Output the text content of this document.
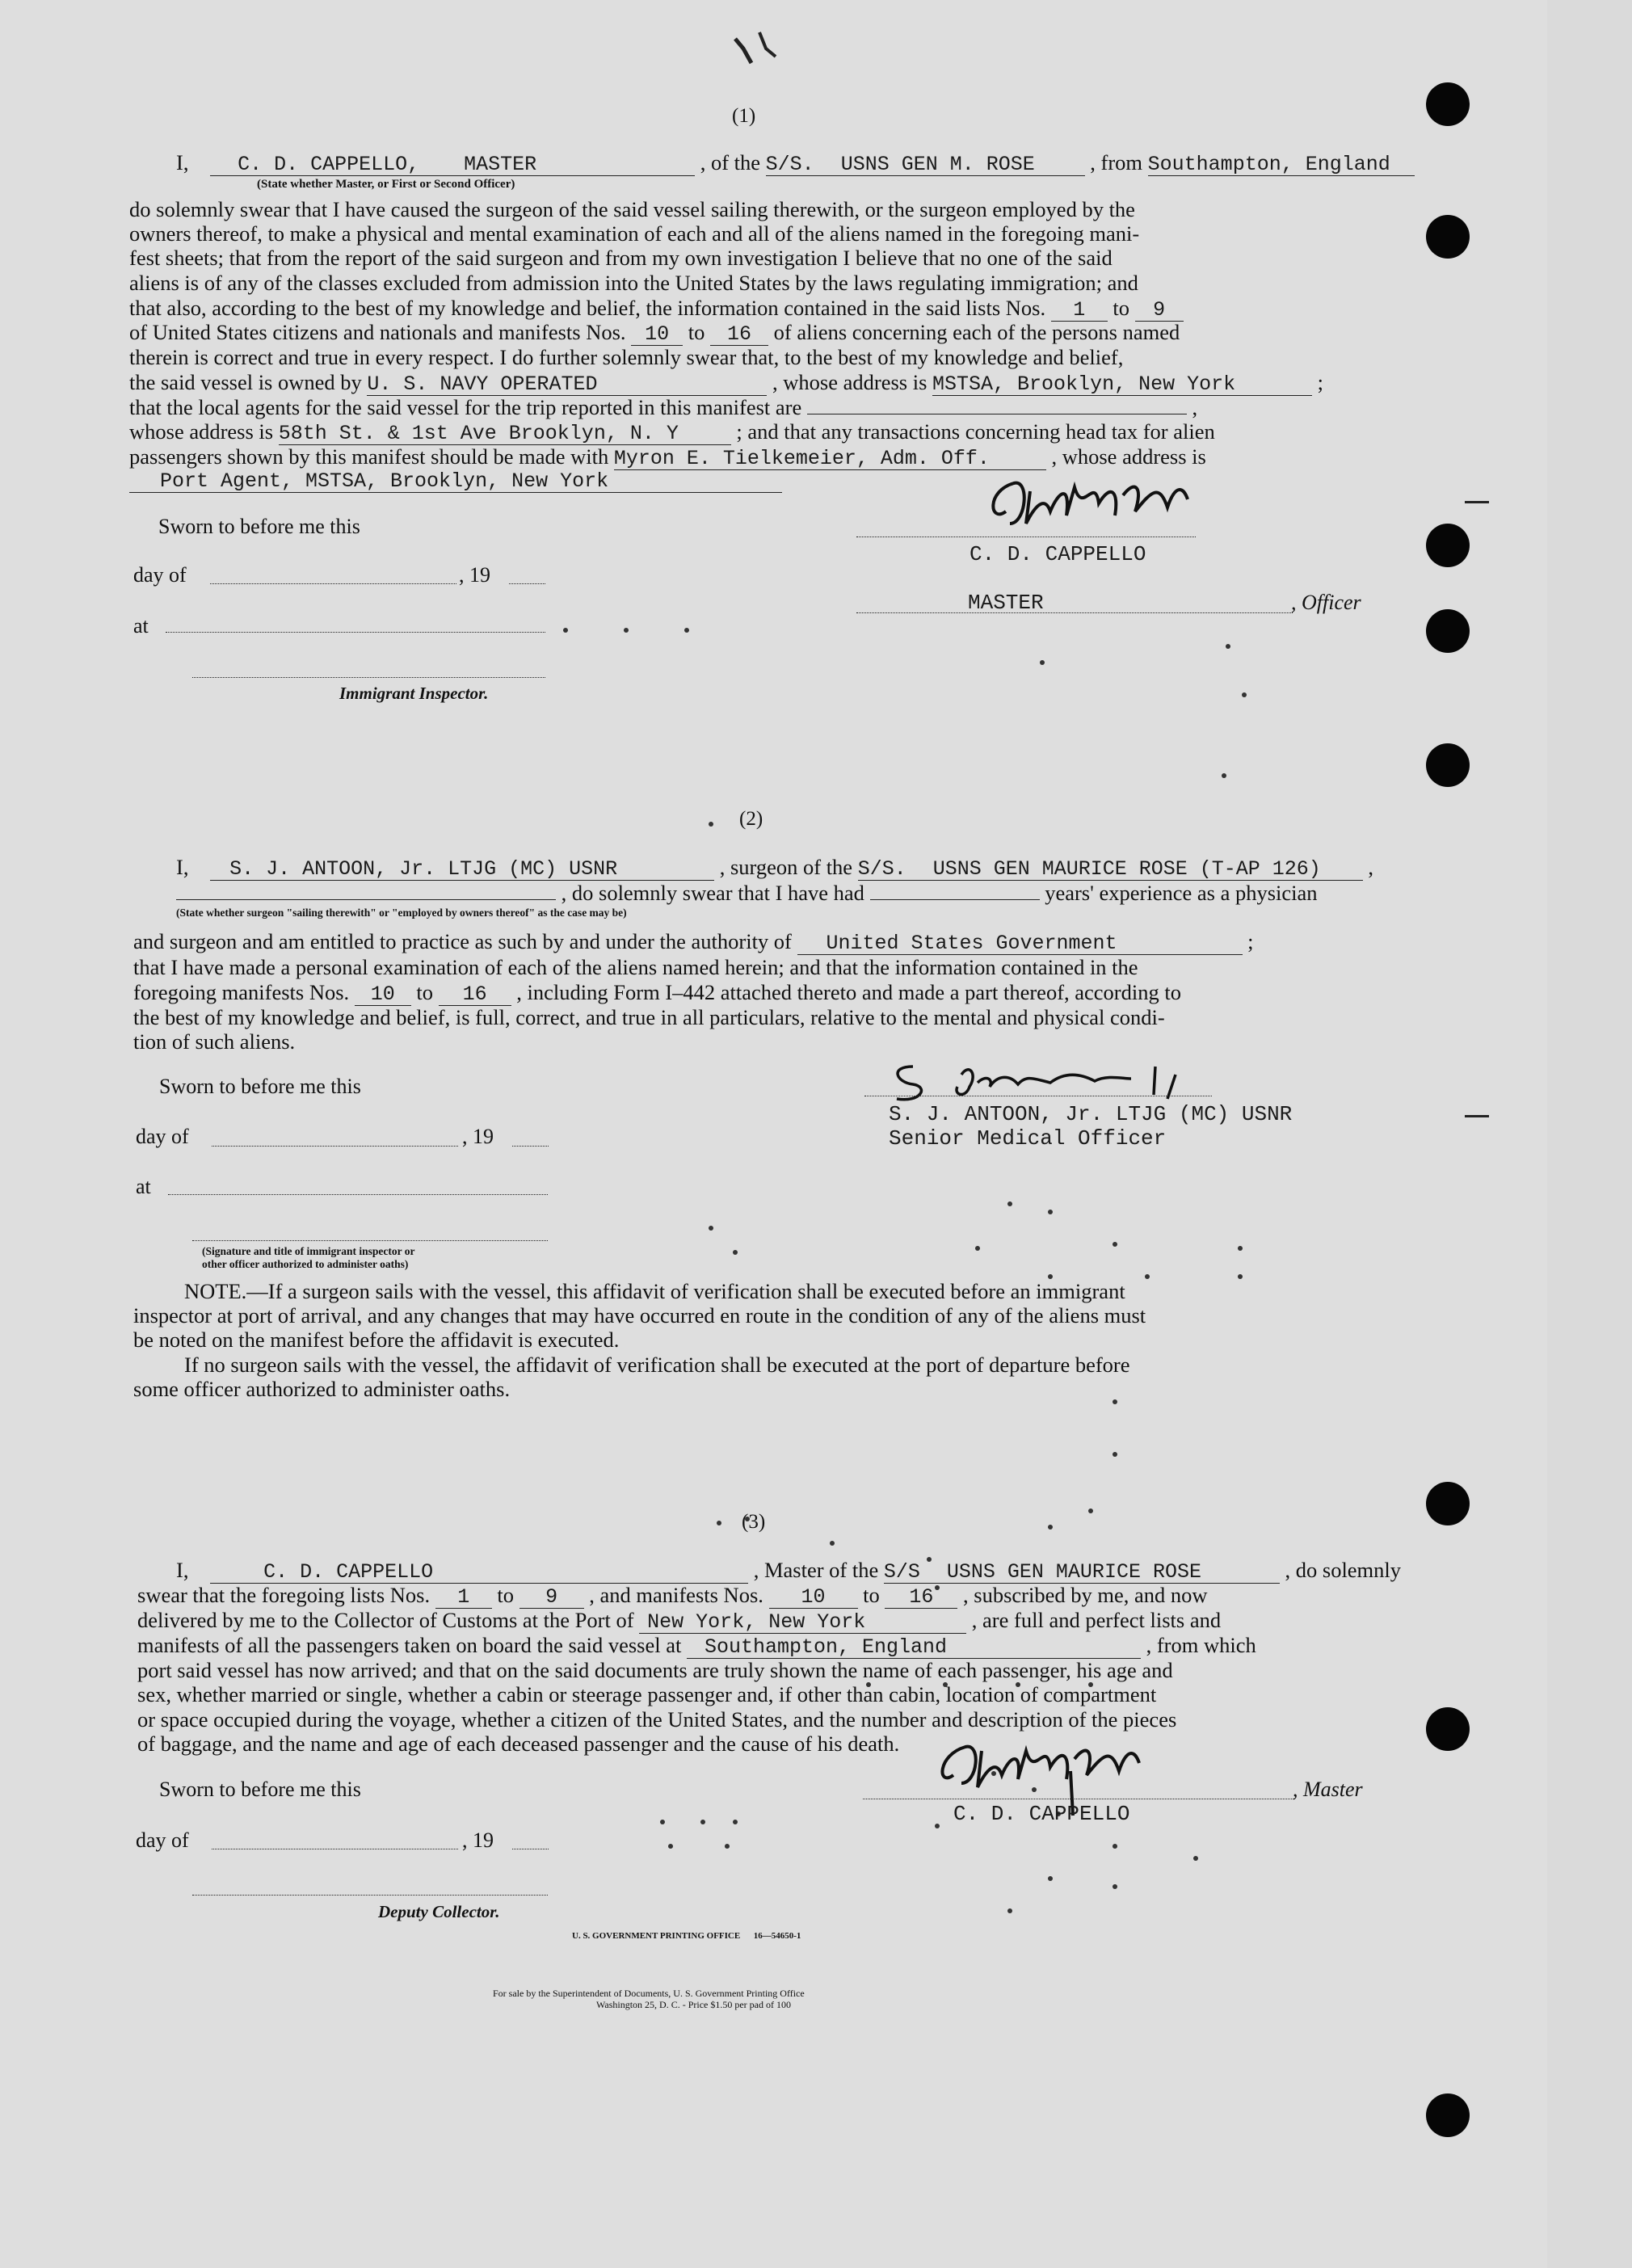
(1)
I, C. D. CAPPELLO, MASTER	, of the S/S. USNS GEN M. ROSE	, from Southampton, England
(State whether Master, or First or Second Officer)
do solemnly swear that I have caused the surgeon of the said vessel sailing therewith, or the surgeon employed by the
owners thereof, to make a physical and mental examination of each and all of the aliens named in the foregoing mani-
fest sheets; that from the report of the said surgeon and from my own investigation I believe that no one of the said
aliens is of any of the classes excluded from admission into the United States by the laws regulating immigration; and
that also, according to the best of my knowledge and belief, the information contained in the said lists Nos. 1 to 9
of United States citizens and nationals and manifests Nos. 10 to 16 of aliens concerning each of the persons named
therein is correct and true in every respect. I do further solemnly swear that, to the best of my knowledge and belief,
the said vessel is owned by U. S. NAVY OPERATED	, whose address is MSTSA, Brooklyn, New York	;
that the local agents for the said vessel for the trip reported in this manifest are	,
whose address is 58th St. & 1st Ave Brooklyn, N. Y	; and that any transactions concerning head tax for alien
passengers shown by this manifest should be made with Myron E. Tielkemeier, Adm. Off.	, whose address is
Port Agent, MSTSA, Brooklyn, New York
Sworn to before me this
C. D. CAPPELLO
day of	, 19
MASTER	, Officer
at
Immigrant Inspector.
(2)
I, S. J. ANTOON, Jr. LTJG (MC) USNR	, surgeon of the S/S. USNS GEN MAURICE ROSE (T-AP 126) ,
, do solemnly swear that I have had	years' experience as a physician
(State whether surgeon "sailing therewith" or "employed by owners thereof" as the case may be)
and surgeon and am entitled to practice as such by and under the authority of United States Government	;
that I have made a personal examination of each of the aliens named herein; and that the information contained in the
foregoing manifests Nos. 10 to 16 , including Form I–442 attached thereto and made a part thereof, according to
the best of my knowledge and belief, is full, correct, and true in all particulars, relative to the mental and physical condi-
tion of such aliens.
Sworn to before me this
S. J. ANTOON, Jr. LTJG (MC) USNR
Senior Medical Officer
day of	, 19
at
(Signature and title of immigrant inspector or
other officer authorized to administer oaths)
NOTE.—If a surgeon sails with the vessel, this affidavit of verification shall be executed before an immigrant
inspector at port of arrival, and any changes that may have occurred en route in the condition of any of the aliens must
be noted on the manifest before the affidavit is executed.
If no surgeon sails with the vessel, the affidavit of verification shall be executed at the port of departure before
some officer authorized to administer oaths.
(3)
I,	C. D. CAPPELLO	, Master of the S/S USNS GEN MAURICE ROSE	, do solemnly
swear that the foregoing lists Nos. 1 to 9 , and manifests Nos. 10 to 16 , subscribed by me, and now
delivered by me to the Collector of Customs at the Port of New York, New York	, are full and perfect lists and
manifests of all the passengers taken on board the said vessel at Southampton, England	, from which
port said vessel has now arrived; and that on the said documents are truly shown the name of each passenger, his age and
sex, whether married or single, whether a cabin or steerage passenger and, if other than cabin, location of compartment
or space occupied during the voyage, whether a citizen of the United States, and the number and description of the pieces
of baggage, and the name and age of each deceased passenger and the cause of his death.
Sworn to before me this	, Master
C. D. CAPPELLO
day of	, 19
Deputy Collector.
U. S. GOVERNMENT PRINTING OFFICE      16—54650-1
For sale by the Superintendent of Documents, U. S. Government Printing Office
Washington 25, D. C. - Price $1.50 per pad of 100
